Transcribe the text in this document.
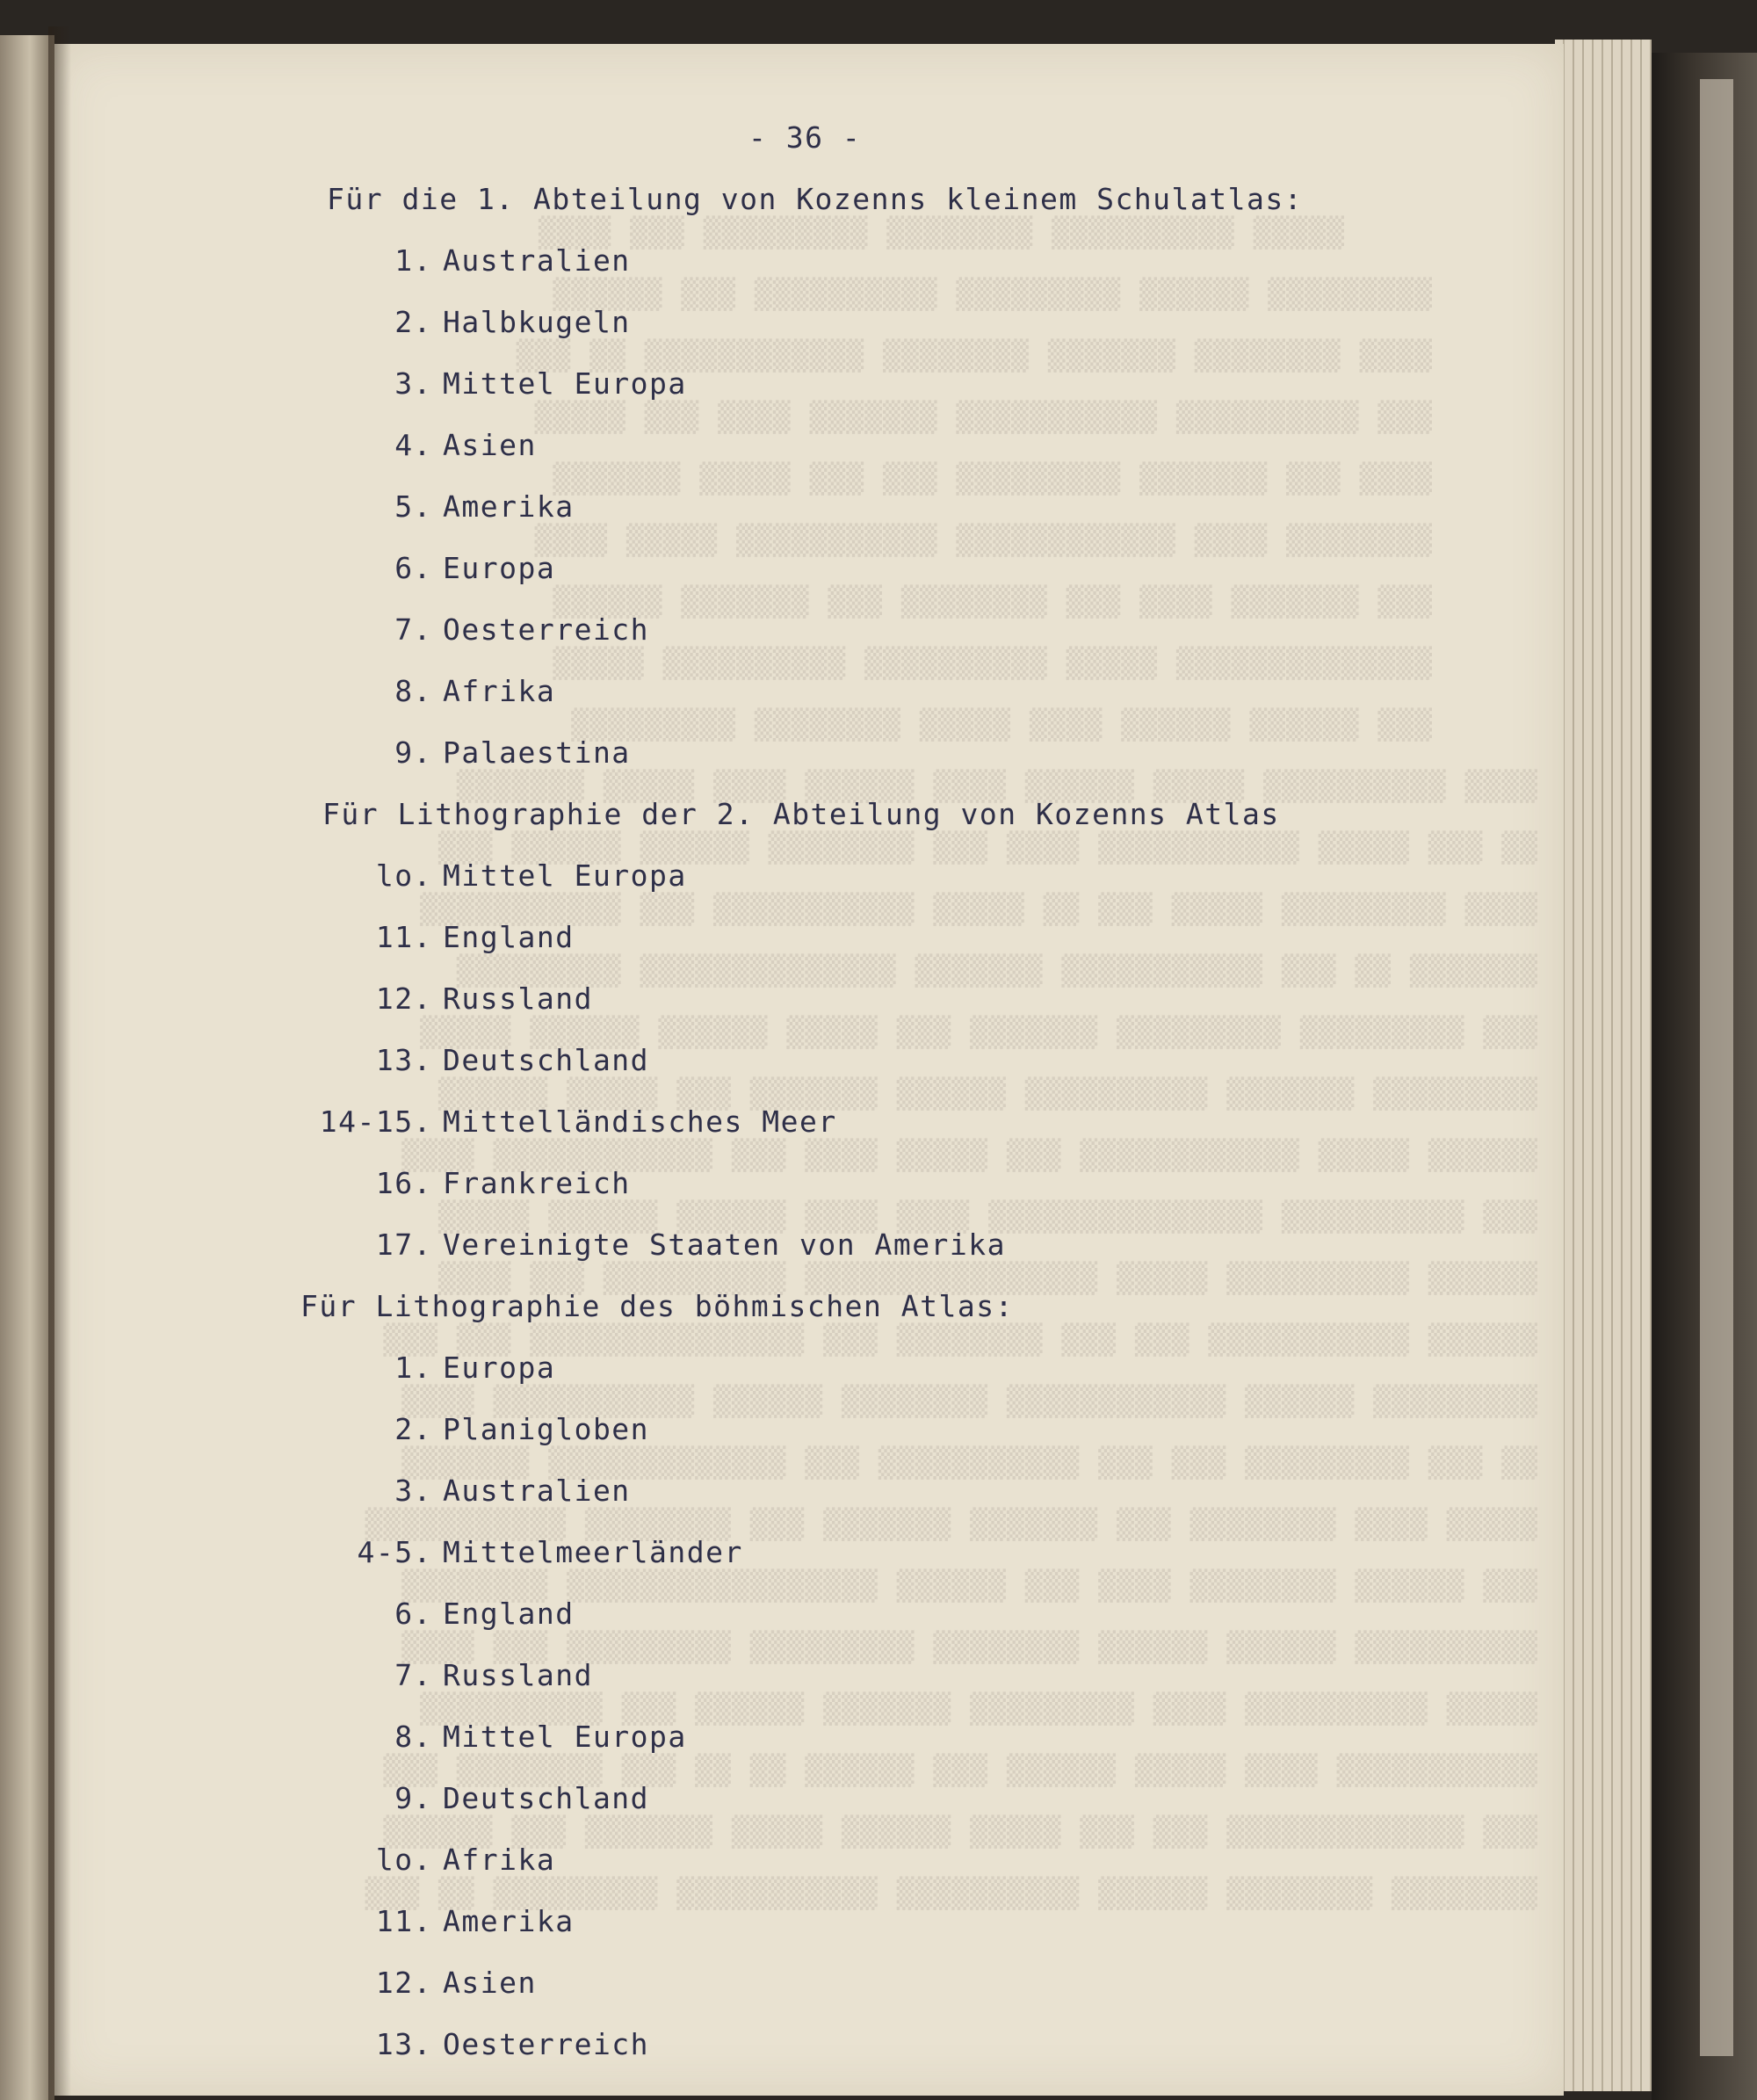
▒▒▒▒▒ ▒▒▒▒▒▒▒▒▒▒ ▒▒▒▒▒▒▒▒ ▒▒▒▒▒▒▒▒▒ ▒▒▒ ▒▒▒▒
▒▒▒▒▒▒▒▒▒ ▒▒▒▒▒▒ ▒▒▒▒▒▒▒▒▒ ▒▒▒▒▒▒▒▒▒▒ ▒▒▒ ▒▒▒▒▒▒
▒▒▒▒ ▒▒▒▒▒▒▒▒ ▒▒▒▒▒▒▒ ▒▒▒▒▒▒▒▒ ▒▒▒▒▒▒▒▒▒▒▒▒ ▒▒ ▒▒▒
▒▒▒ ▒▒▒▒▒▒▒▒▒▒ ▒▒▒▒▒▒▒▒▒▒▒ ▒▒▒▒▒▒▒ ▒▒▒▒ ▒▒▒ ▒▒▒▒▒
▒▒▒▒ ▒▒▒ ▒▒▒▒▒▒▒ ▒▒▒▒▒▒▒▒▒ ▒▒▒ ▒▒▒ ▒▒▒▒▒ ▒▒▒▒▒▒▒
▒▒▒▒▒▒▒▒ ▒▒▒▒ ▒▒▒▒▒▒▒▒▒▒▒▒ ▒▒▒▒▒▒▒▒▒▒▒ ▒▒▒▒▒ ▒▒▒▒
▒▒▒ ▒▒▒▒▒▒▒ ▒▒▒▒ ▒▒▒ ▒▒▒▒▒▒▒▒ ▒▒▒ ▒▒▒▒▒▒▒ ▒▒▒▒▒▒
▒▒▒▒▒▒▒▒▒▒▒▒▒▒ ▒▒▒▒▒ ▒▒▒▒▒▒▒▒▒▒ ▒▒▒▒▒▒▒▒▒▒ ▒▒▒▒▒
▒▒▒ ▒▒▒▒▒▒ ▒▒▒▒▒▒ ▒▒▒▒ ▒▒▒▒▒ ▒▒▒▒▒▒▒▒ ▒▒▒▒▒▒▒▒▒
▒▒▒▒ ▒▒▒▒▒▒▒▒▒▒ ▒▒▒▒▒ ▒▒▒▒▒▒ ▒▒▒▒ ▒▒▒▒▒▒ ▒▒▒▒ ▒▒▒▒▒ ▒▒▒▒▒▒▒
▒▒ ▒▒▒ ▒▒▒▒▒ ▒▒▒▒▒▒▒▒▒▒▒ ▒▒▒▒ ▒▒▒ ▒▒▒▒▒▒▒▒ ▒▒▒▒▒▒ ▒▒▒▒▒▒ ▒▒▒
▒▒▒▒ ▒▒▒▒▒▒▒▒▒ ▒▒▒▒▒ ▒▒▒ ▒▒ ▒▒▒▒▒ ▒▒▒▒▒▒▒▒▒▒▒ ▒▒▒ ▒▒▒▒▒▒▒▒▒▒▒
▒▒▒▒▒▒▒ ▒▒ ▒▒▒ ▒▒▒▒▒▒▒▒▒▒▒ ▒▒▒▒▒▒▒ ▒▒▒▒▒▒▒▒▒▒▒▒▒▒ ▒▒▒▒▒▒▒▒▒
▒▒▒ ▒▒▒▒▒▒▒▒▒ ▒▒▒▒▒▒▒▒▒ ▒▒▒▒▒▒▒ ▒▒▒ ▒▒▒▒▒ ▒▒▒▒▒▒ ▒▒▒▒▒▒ ▒▒▒▒▒
▒▒▒▒▒▒▒▒▒ ▒▒▒▒▒▒▒ ▒▒▒▒▒▒▒▒▒▒ ▒▒▒▒▒▒ ▒▒▒▒▒▒▒ ▒▒▒ ▒▒▒▒▒ ▒▒▒▒▒▒
▒▒▒▒▒▒ ▒▒▒▒▒ ▒▒▒▒▒▒▒▒▒▒▒▒ ▒▒▒ ▒▒▒▒▒ ▒▒▒▒ ▒▒▒ ▒▒▒▒▒▒▒▒▒▒▒▒ ▒▒▒▒
▒▒▒ ▒▒▒▒▒▒▒▒▒▒ ▒▒▒▒▒▒▒▒▒▒▒▒▒▒▒ ▒▒▒▒ ▒▒▒▒ ▒▒▒▒▒▒ ▒▒▒▒▒▒ ▒▒▒▒▒
▒▒▒▒▒▒ ▒▒▒▒▒▒▒▒▒▒ ▒▒▒▒▒ ▒▒▒▒▒▒▒▒▒▒▒▒▒▒▒▒ ▒▒▒▒▒▒▒▒▒▒ ▒▒▒ ▒▒▒▒
▒▒▒▒▒▒ ▒▒▒▒▒▒▒▒▒▒▒ ▒▒▒ ▒▒▒ ▒▒▒▒▒▒▒▒ ▒▒▒ ▒▒▒▒▒▒▒▒▒▒▒▒▒▒▒ ▒▒▒ ▒▒▒
▒▒▒▒▒▒▒▒▒ ▒▒▒▒▒▒ ▒▒▒▒▒▒▒▒▒▒▒▒ ▒▒▒▒▒▒▒▒ ▒▒▒▒▒▒ ▒▒▒▒▒▒▒▒▒▒▒ ▒▒▒▒
▒▒ ▒▒▒ ▒▒▒▒▒▒▒▒▒ ▒▒▒ ▒▒▒ ▒▒▒▒▒▒▒▒▒▒▒ ▒▒▒ ▒▒▒▒▒▒▒▒▒▒▒▒▒ ▒▒▒▒▒▒▒
▒▒▒▒▒ ▒▒▒▒ ▒▒▒▒▒▒▒▒ ▒▒▒ ▒▒▒▒▒▒▒ ▒▒▒▒▒▒▒ ▒▒▒ ▒▒▒▒▒▒▒▒ ▒▒▒▒▒▒▒▒▒▒▒
▒▒▒ ▒▒▒▒▒▒ ▒▒▒▒▒▒▒▒ ▒▒▒▒ ▒▒▒ ▒▒▒▒▒▒ ▒▒▒▒▒▒▒▒▒▒▒▒▒▒▒▒▒ ▒▒▒▒▒▒▒▒
▒▒▒▒▒▒▒▒▒▒ ▒▒▒▒▒▒ ▒▒▒▒▒▒ ▒▒▒▒▒▒▒▒ ▒▒▒▒▒▒▒▒▒ ▒▒▒▒▒▒▒▒▒ ▒▒▒ ▒▒▒▒
▒▒▒▒▒ ▒▒▒▒▒▒▒▒▒▒ ▒▒▒▒ ▒▒▒▒▒▒▒▒▒ ▒▒▒▒▒▒▒ ▒▒▒▒▒▒ ▒▒▒ ▒▒▒▒▒▒▒▒▒▒
▒▒▒▒▒▒▒▒▒▒▒ ▒▒▒▒ ▒▒▒▒▒ ▒▒▒▒▒▒ ▒▒▒ ▒▒▒▒▒▒ ▒▒ ▒▒ ▒▒▒ ▒▒▒▒▒▒▒▒ ▒▒▒
▒▒▒ ▒▒▒▒▒▒▒▒▒▒▒▒▒ ▒▒▒ ▒▒▒ ▒▒▒▒▒ ▒▒▒▒▒▒ ▒▒▒▒▒ ▒▒▒▒▒▒▒ ▒▒▒ ▒▒▒▒▒▒
▒▒▒▒▒▒▒▒ ▒▒▒▒▒▒▒▒ ▒▒▒▒▒▒ ▒▒▒▒▒▒▒▒▒▒ ▒▒▒▒▒▒▒▒▒▒▒ ▒▒▒▒▒▒▒▒▒ ▒▒ ▒▒▒
- 36 -
Für die 1. Abteilung von Kozenns kleinem Schulatlas:
1. Australien
2. Halbkugeln
3. Mittel Europa
4. Asien
5. Amerika
6. Europa
7. Oesterreich
8. Afrika
9. Palaestina
Für Lithographie der 2. Abteilung von Kozenns Atlas
lo. Mittel Europa
11. England
12. Russland
13. Deutschland
14-15. Mittelländisches Meer
16. Frankreich
17. Vereinigte Staaten von Amerika
Für Lithographie des böhmischen Atlas:
1. Europa
2. Planigloben
3. Australien
4-5. Mittelmeerländer
6. England
7. Russland
8. Mittel Europa
9. Deutschland
lo. Afrika
11. Amerika
12. Asien
13. Oesterreich
